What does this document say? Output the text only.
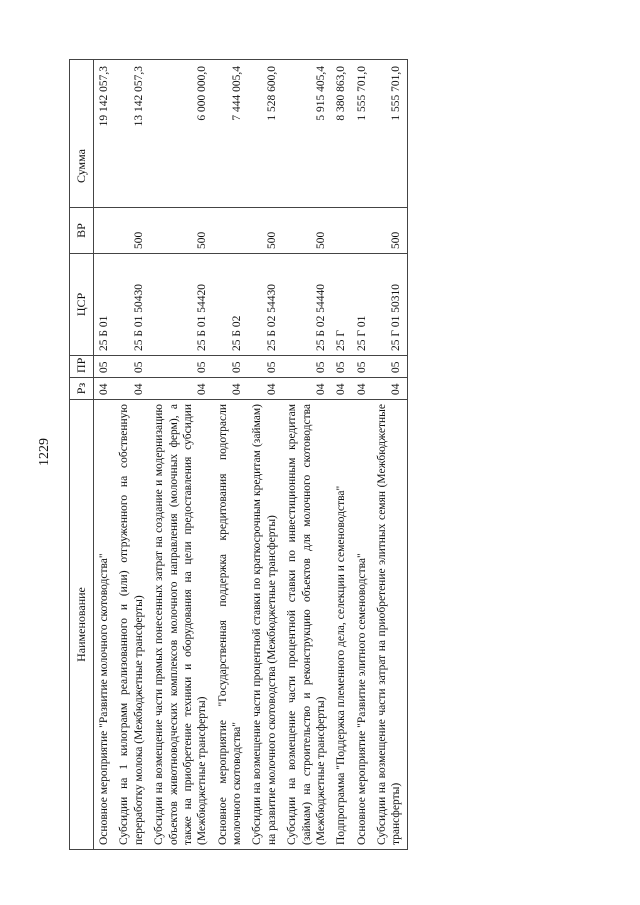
1229
Наименование	Рз	ПР	ЦСР	ВР	Сумма
Основное мероприятие "Развитие молочного скотоводства"	04	05	25 Б 01		19 142 057,3
Субсидии на 1 килограмм реализованного и (или) отгруженного на собственную переработку молока (Межбюджетные трансферты)	04	05	25 Б 01 50430	500	13 142 057,3
Субсидии на возмещение части прямых понесенных затрат на создание и модернизацию объектов животноводческих комплексов молочного направления (молочных ферм), а также на приобретение техники и оборудования на цели предоставления субсидии (Межбюджетные трансферты)	04	05	25 Б 01 54420	500	6 000 000,0
Основное мероприятие "Государственная поддержка кредитования подотрасли молочного скотоводства"	04	05	25 Б 02		7 444 005,4
Субсидии на возмещение части процентной ставки по краткосрочным кредитам (займам) на развитие молочного скотоводства (Межбюджетные трансферты)	04	05	25 Б 02 54430	500	1 528 600,0
Субсидии на возмещение части процентной ставки по инвестиционным кредитам (займам) на строительство и реконструкцию объектов для молочного скотоводства (Межбюджетные трансферты)	04	05	25 Б 02 54440	500	5 915 405,4
Подпрограмма "Поддержка племенного дела, селекции и семеноводства"	04	05	25 Г		8 380 863,0
Основное мероприятие "Развитие элитного семеноводства"	04	05	25 Г 01		1 555 701,0
Субсидии на возмещение части затрат на приобретение элитных семян (Межбюджетные трансферты)	04	05	25 Г 01 50310	500	1 555 701,0
